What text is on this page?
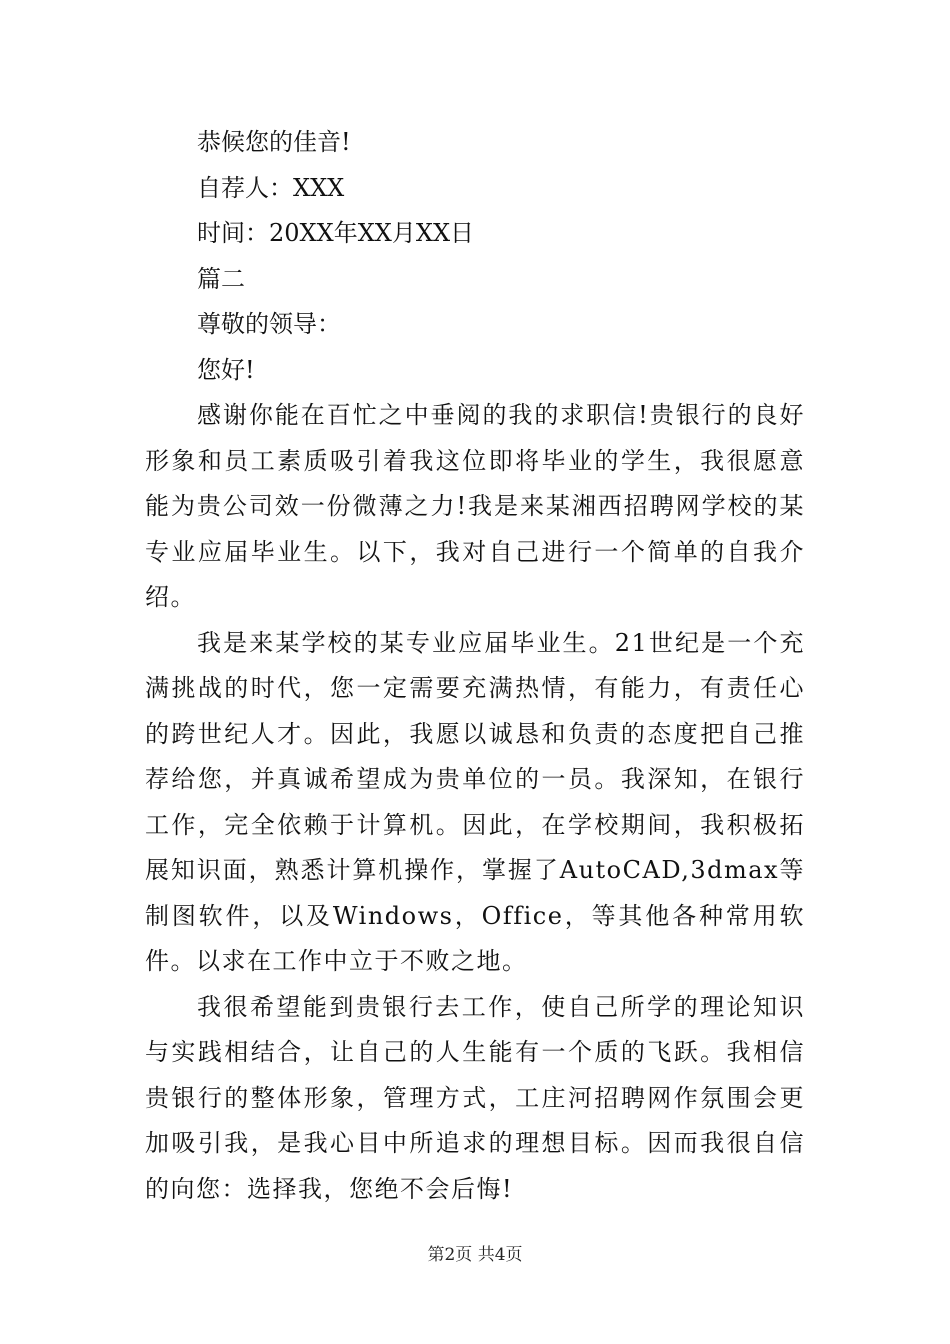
恭候您的佳音!
自荐人：XXX
时间：20XX年XX月XX日
篇二
尊敬的领导：
您好!

感谢你能在百忙之中垂阅的我的求职信!贵银行的良好形象和员工素质吸引着我这位即将毕业的学生，我很愿意能为贵公司效一份微薄之力!我是来某湘西招聘网学校的某专业应届毕业生。以下，我对自己进行一个简单的自我介绍。

我是来某学校的某专业应届毕业生。21世纪是一个充满挑战的时代，您一定需要充满热情，有能力，有责任心的跨世纪人才。因此，我愿以诚恳和负责的态度把自己推荐给您，并真诚希望成为贵单位的一员。我深知，在银行工作，完全依赖于计算机。因此，在学校期间，我积极拓展知识面，熟悉计算机操作，掌握了AutoCAD,3dmax等制图软件，以及Windows，Office，等其他各种常用软件。以求在工作中立于不败之地。

我很希望能到贵银行去工作，使自己所学的理论知识与实践相结合，让自己的人生能有一个质的飞跃。我相信贵银行的整体形象，管理方式，工庄河招聘网作氛围会更加吸引我，是我心目中所追求的理想目标。因而我很自信的向您：选择我，您绝不会后悔!

第2页 共4页
